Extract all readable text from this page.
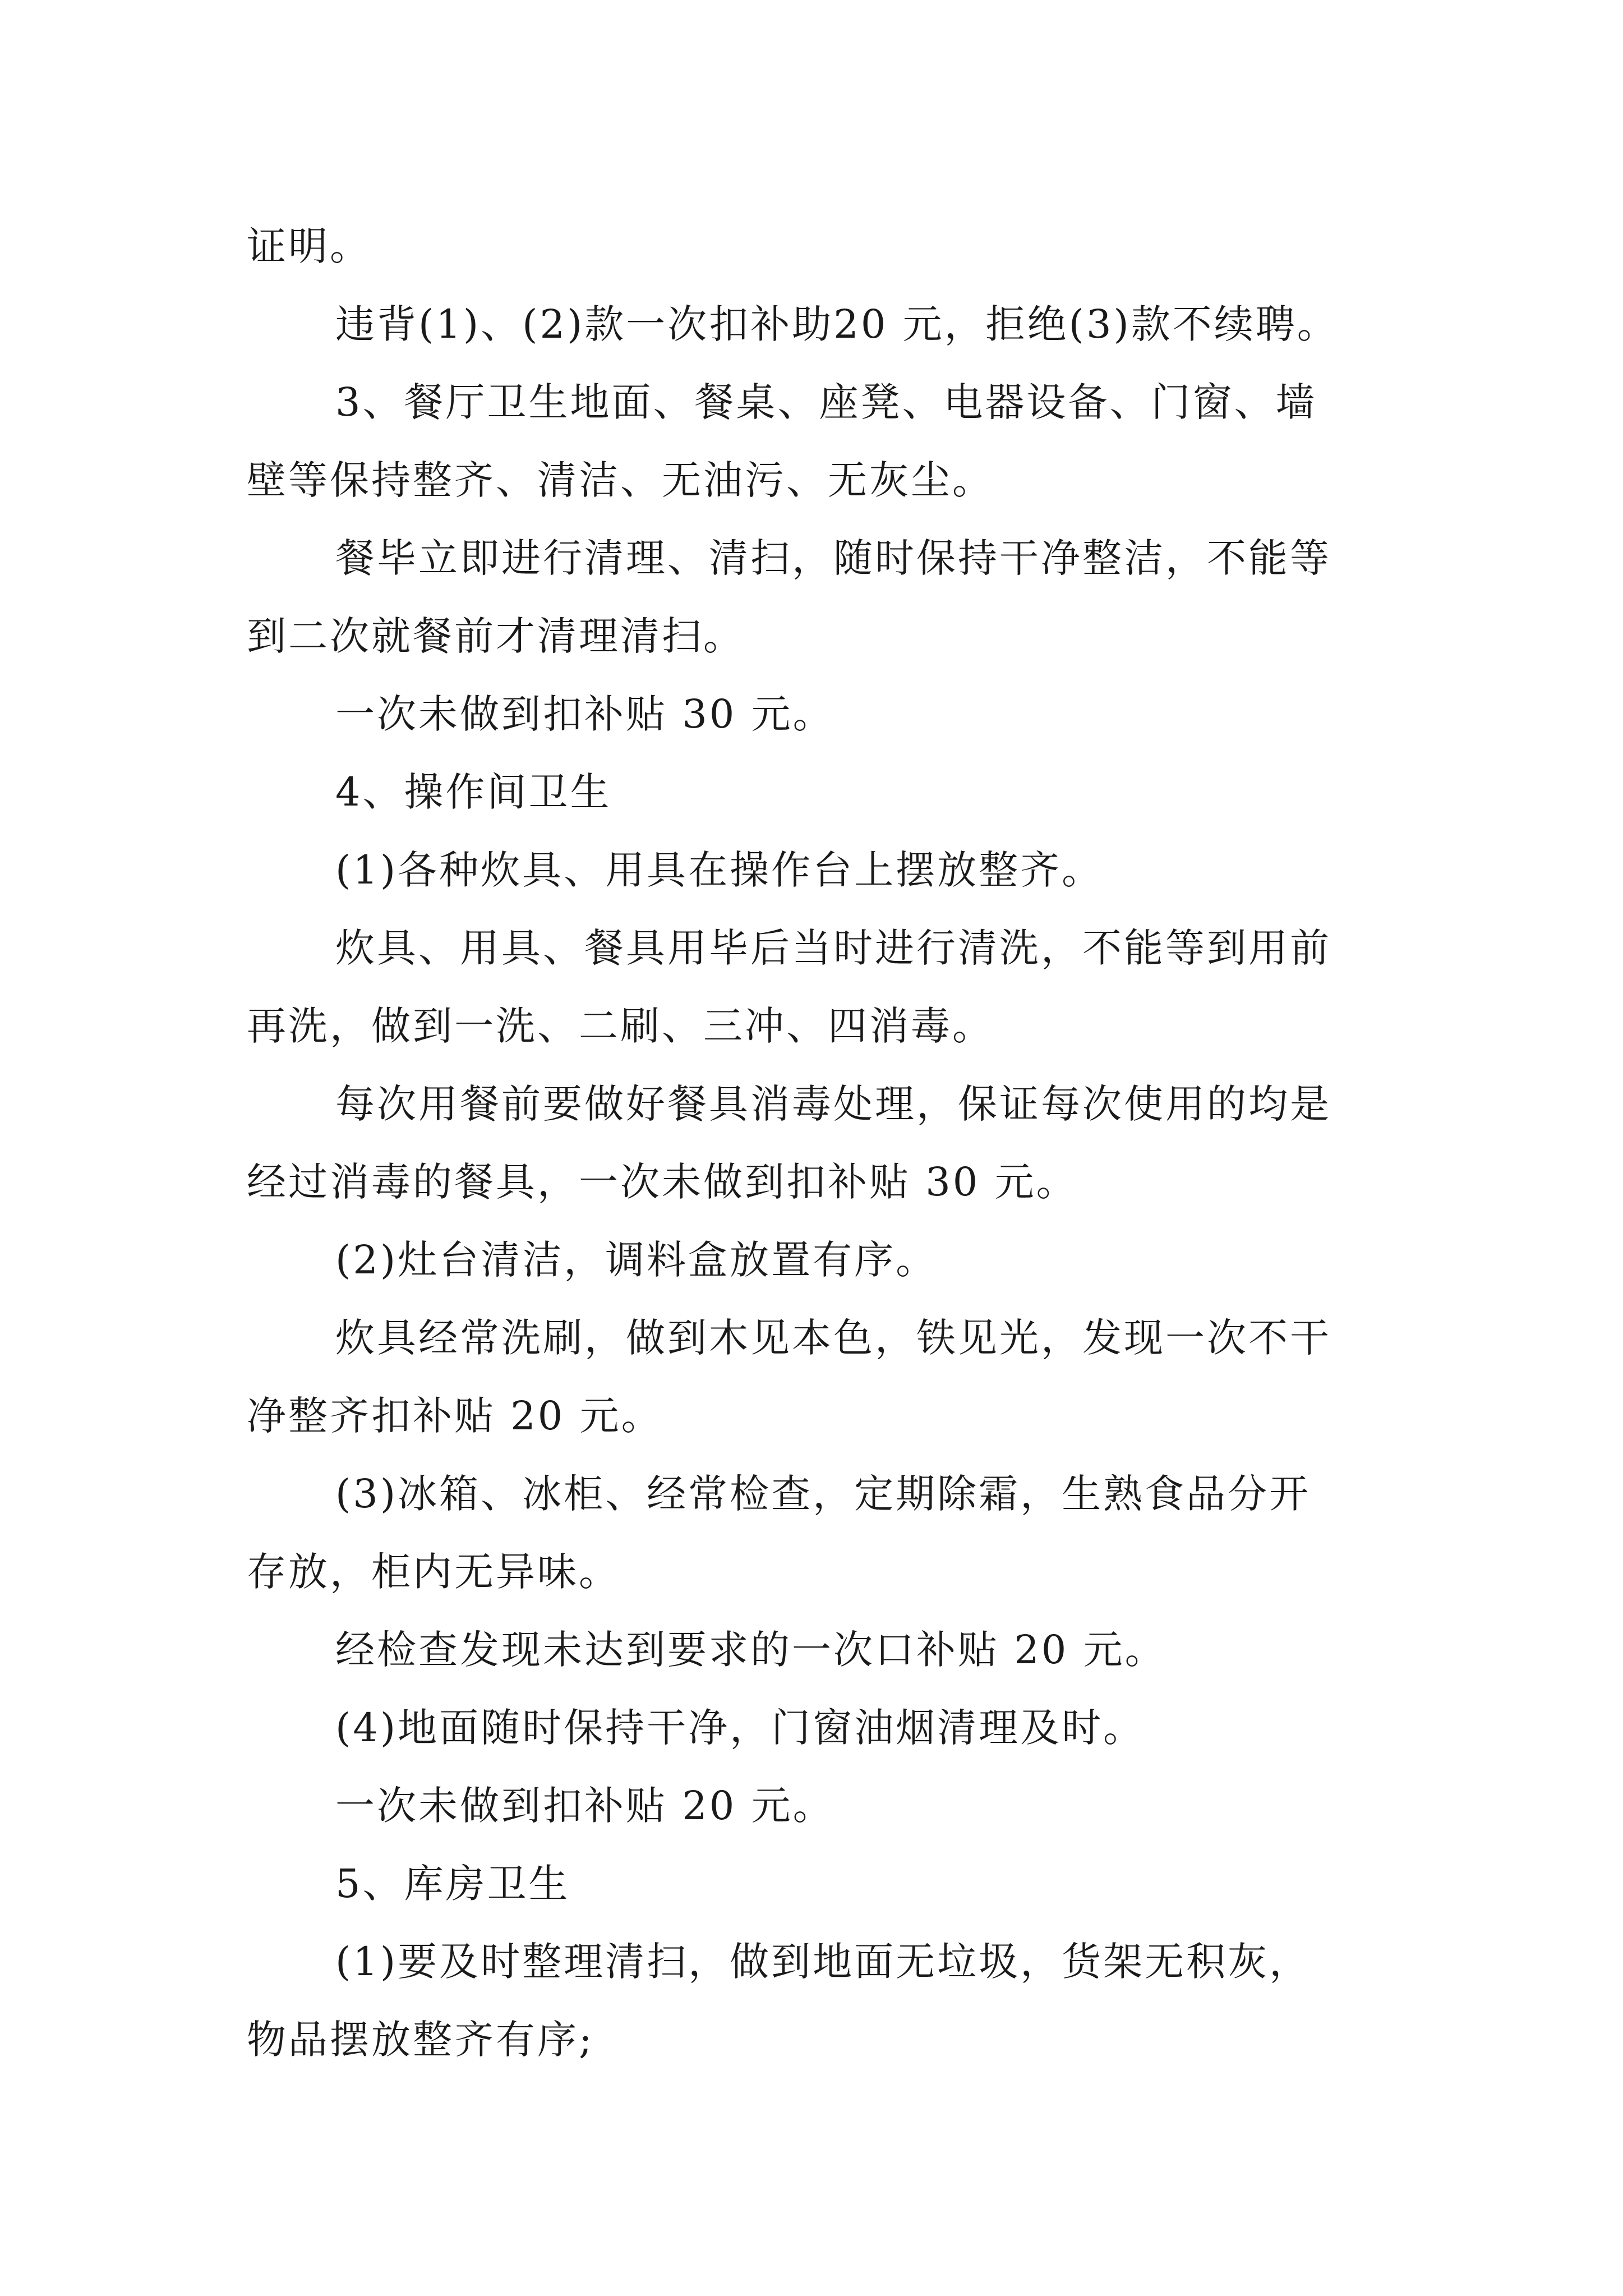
证明。
违背(1)、(2)款一次扣补助20 元，拒绝(3)款不续聘。
3、餐厅卫生地面、餐桌、座凳、电器设备、门窗、墙
壁等保持整齐、清洁、无油污、无灰尘。
餐毕立即进行清理、清扫，随时保持干净整洁，不能等
到二次就餐前才清理清扫。
一次未做到扣补贴 30 元。
4、操作间卫生
(1)各种炊具、用具在操作台上摆放整齐。
炊具、用具、餐具用毕后当时进行清洗，不能等到用前
再洗，做到一洗、二刷、三冲、四消毒。
每次用餐前要做好餐具消毒处理，保证每次使用的均是
经过消毒的餐具，一次未做到扣补贴 30 元。
(2)灶台清洁，调料盒放置有序。
炊具经常洗刷，做到木见本色，铁见光，发现一次不干
净整齐扣补贴 20 元。
(3)冰箱、冰柜、经常检查，定期除霜，生熟食品分开
存放，柜内无异味。
经检查发现未达到要求的一次口补贴 20 元。
(4)地面随时保持干净，门窗油烟清理及时。
一次未做到扣补贴 20 元。
5、库房卫生
(1)要及时整理清扫，做到地面无垃圾，货架无积灰，
物品摆放整齐有序;
